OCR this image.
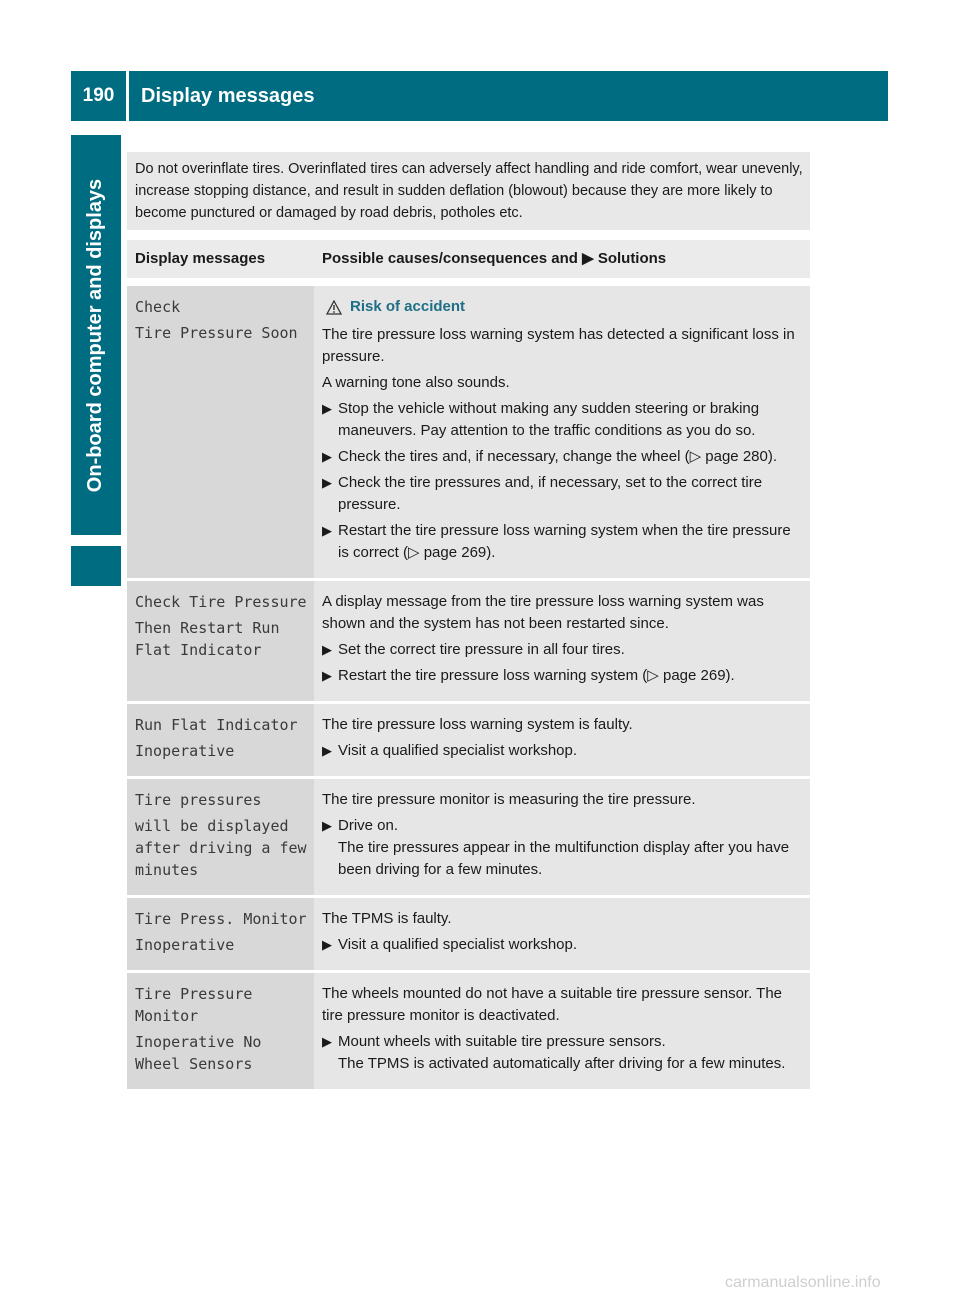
190	Display messages
On-board computer and displays
Do not overinflate tires. Overinflated tires can adversely affect handling and ride comfort, wear unevenly, increase stopping distance, and result in sudden deflation (blowout) because they are more likely to become punctured or damaged by road debris, potholes etc.
Display messages	Possible causes/consequences and ▶ Solutions

Check

Tire Pressure Soon

Risk of accident

The tire pressure loss warning system has detected a significant loss in pressure.

A warning tone also sounds.

▶ Stop the vehicle without making any sudden steering or braking maneuvers. Pay attention to the traffic conditions as you do so.
▶ Check the tires and, if necessary, change the wheel (▷ page 280).
▶ Check the tire pressures and, if necessary, set to the correct tire pressure.
▶ Restart the tire pressure loss warning system when the tire pressure is correct (▷ page 269).

Check Tire Pressure

Then Restart Run Flat Indicator

A display message from the tire pressure loss warning system was shown and the system has not been restarted since.

▶ Set the correct tire pressure in all four tires.
▶ Restart the tire pressure loss warning system (▷ page 269).

Run Flat Indicator

Inoperative

The tire pressure loss warning system is faulty.

▶ Visit a qualified specialist workshop.

Tire pressures

will be displayed after driving a few minutes

The tire pressure monitor is measuring the tire pressure.

▶ Drive on.
The tire pressures appear in the multifunction display after you have been driving for a few minutes.

Tire Press. Monitor

Inoperative

The TPMS is faulty.

▶ Visit a qualified specialist workshop.

Tire Pressure Monitor

Inoperative No Wheel Sensors

The wheels mounted do not have a suitable tire pressure sensor. The tire pressure monitor is deactivated.

▶ Mount wheels with suitable tire pressure sensors.
The TPMS is activated automatically after driving for a few minutes.
carmanualsonline.info
